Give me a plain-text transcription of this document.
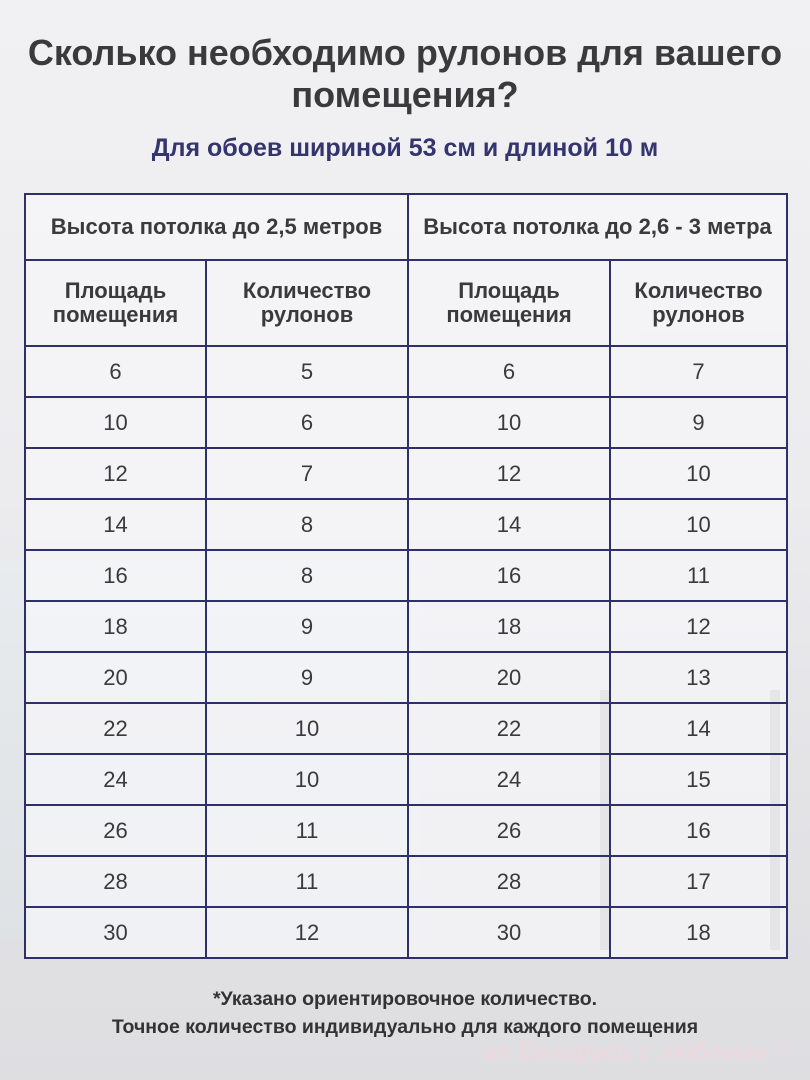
Сколько необходимо рулонов для вашего помещения?
Для обоев шириной 53 см и длиной 10 м
Высота потолка до 2,5 метров		Высота потолка до 2,6 - 3 метра	
Площадь помещения	Количество рулонов	Площадь помещения	Количество рулонов
6	5	6	7
10	6	10	9
12	7	12	10
14	8	14	10
16	8	16	11
18	9	18	12
20	9	20	13
22	10	22	14
24	10	24	15
26	11	26	16
28	11	28	17
30	12	30	18
*Указано ориентировочное количество.
Точное количество индивидуально для каждого помещения
из Беларуси с любовью ♡
